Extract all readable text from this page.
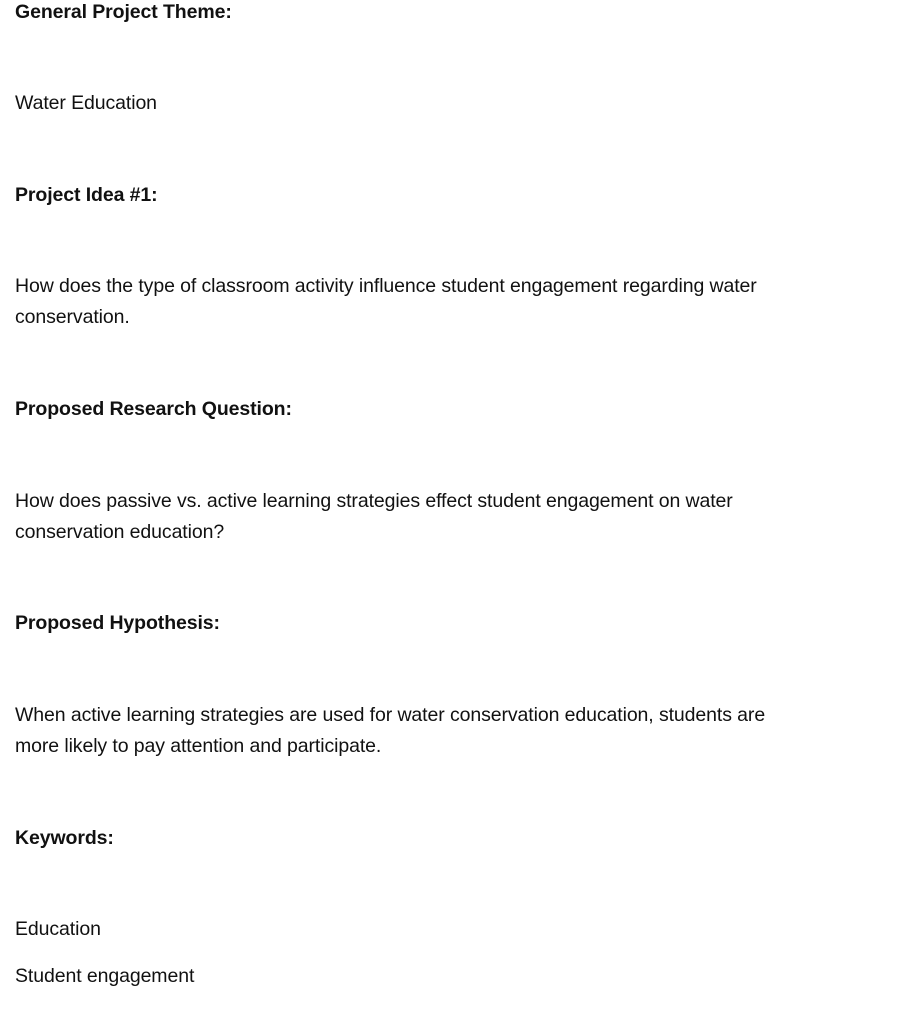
General Project Theme:
Water Education
Project Idea #1:
How does the type of classroom activity influence student engagement regarding water
conservation.
Proposed Research Question:
How does passive vs. active learning strategies effect student engagement on water
conservation education?
Proposed Hypothesis:
When active learning strategies are used for water conservation education, students are
more likely to pay attention and participate.
Keywords:
Education
Student engagement
